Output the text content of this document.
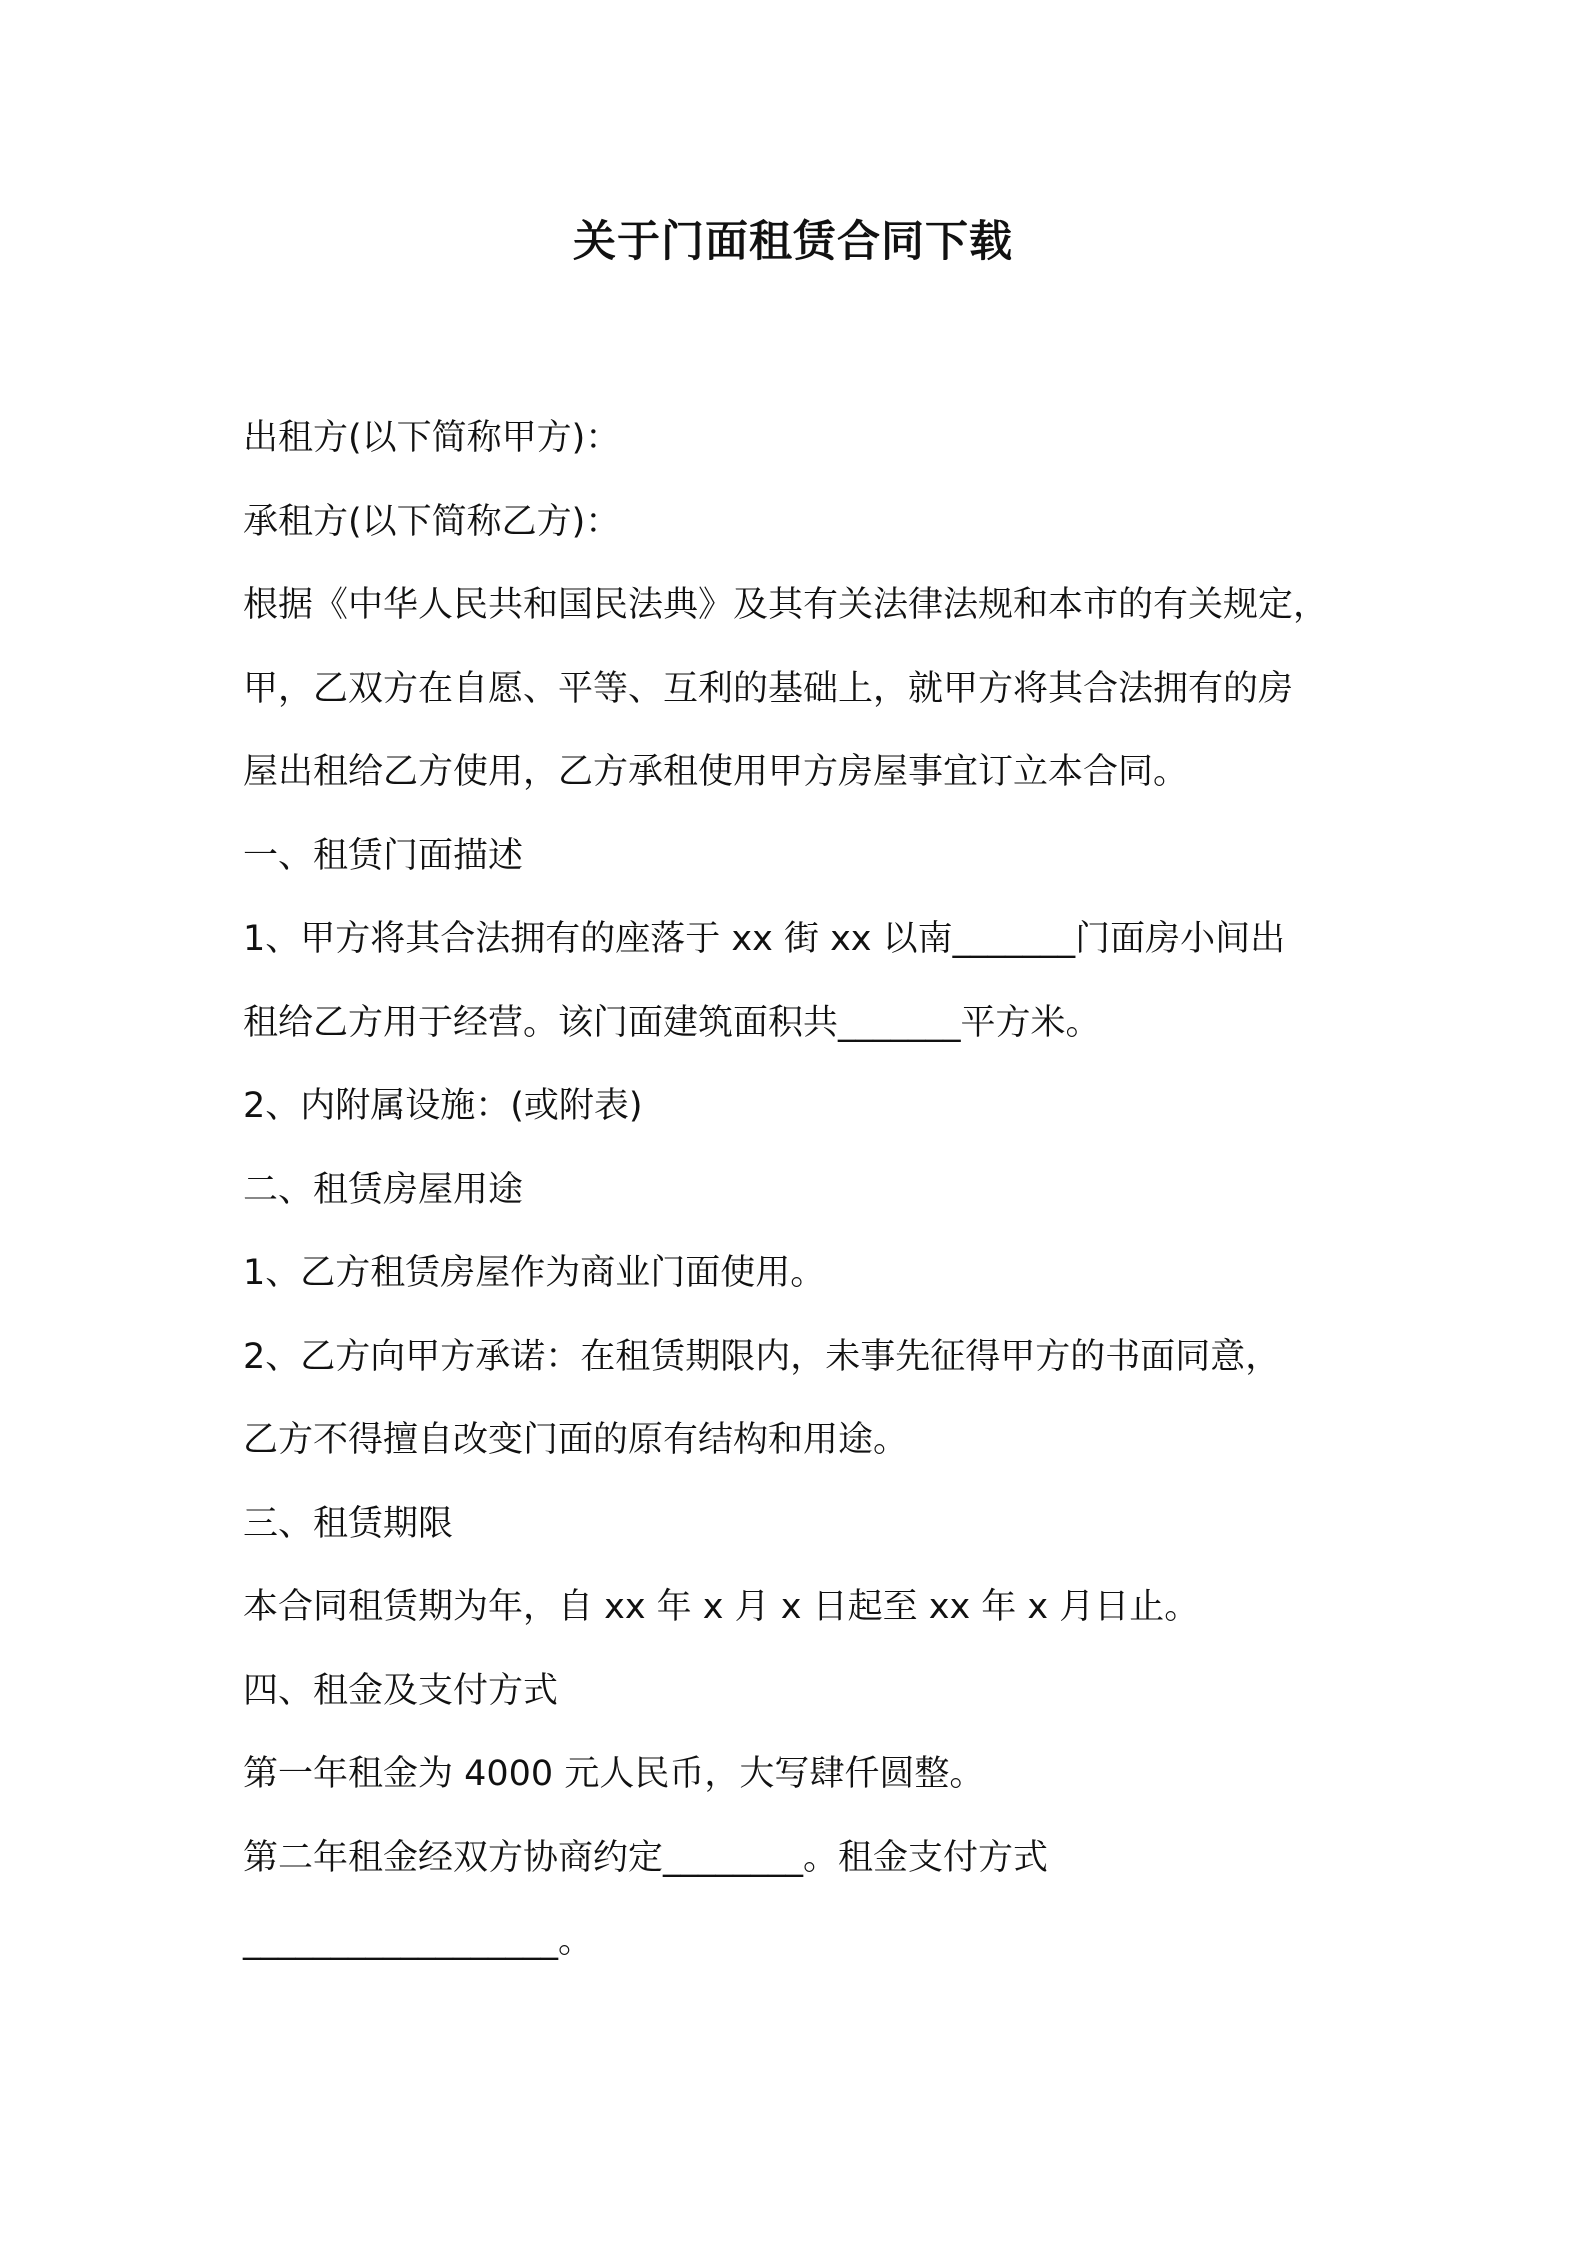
关于门面租赁合同下载

出租方(以下简称甲方)：

承租方(以下简称乙方)：

根据《中华人民共和国民法典》及其有关法律法规和本市的有关规定，

甲，乙双方在自愿、平等、互利的基础上，就甲方将其合法拥有的房

屋出租给乙方使用，乙方承租使用甲方房屋事宜订立本合同。

一、租赁门面描述

1、甲方将其合法拥有的座落于 xx 街 xx 以南_______门面房小间出

租给乙方用于经营。该门面建筑面积共_______平方米。

2、内附属设施：(或附表)

二、租赁房屋用途

1、乙方租赁房屋作为商业门面使用。

2、乙方向甲方承诺：在租赁期限内，未事先征得甲方的书面同意，

乙方不得擅自改变门面的原有结构和用途。

三、租赁期限

本合同租赁期为年，自 xx 年 x 月 x 日起至 xx 年 x 月日止。

四、租金及支付方式

第一年租金为 4000 元人民币，大写肆仟圆整。

第二年租金经双方协商约定________。租金支付方式

__________________。
